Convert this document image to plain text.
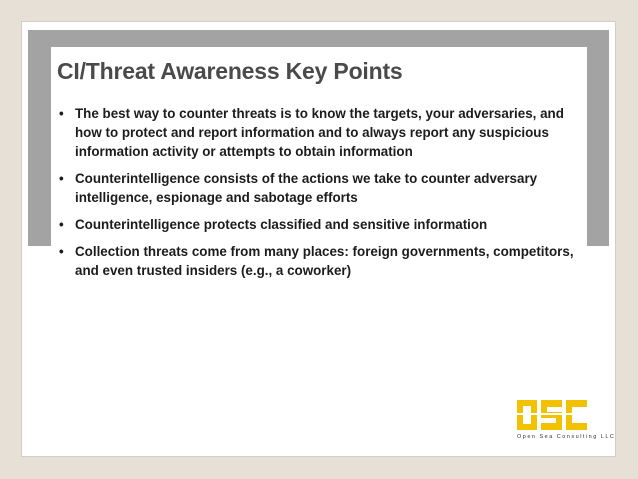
CI/Threat Awareness Key Points
• The best way to counter threats is to know the targets, your adversaries, and how to protect and report information and to always report any suspicious information activity or attempts to obtain information
• Counterintelligence consists of the actions we take to counter adversary intelligence, espionage and sabotage efforts
• Counterintelligence protects classified and sensitive information
• Collection threats come from many places: foreign governments, competitors, and even trusted insiders (e.g., a coworker)
Open Sea Consulting LLC
